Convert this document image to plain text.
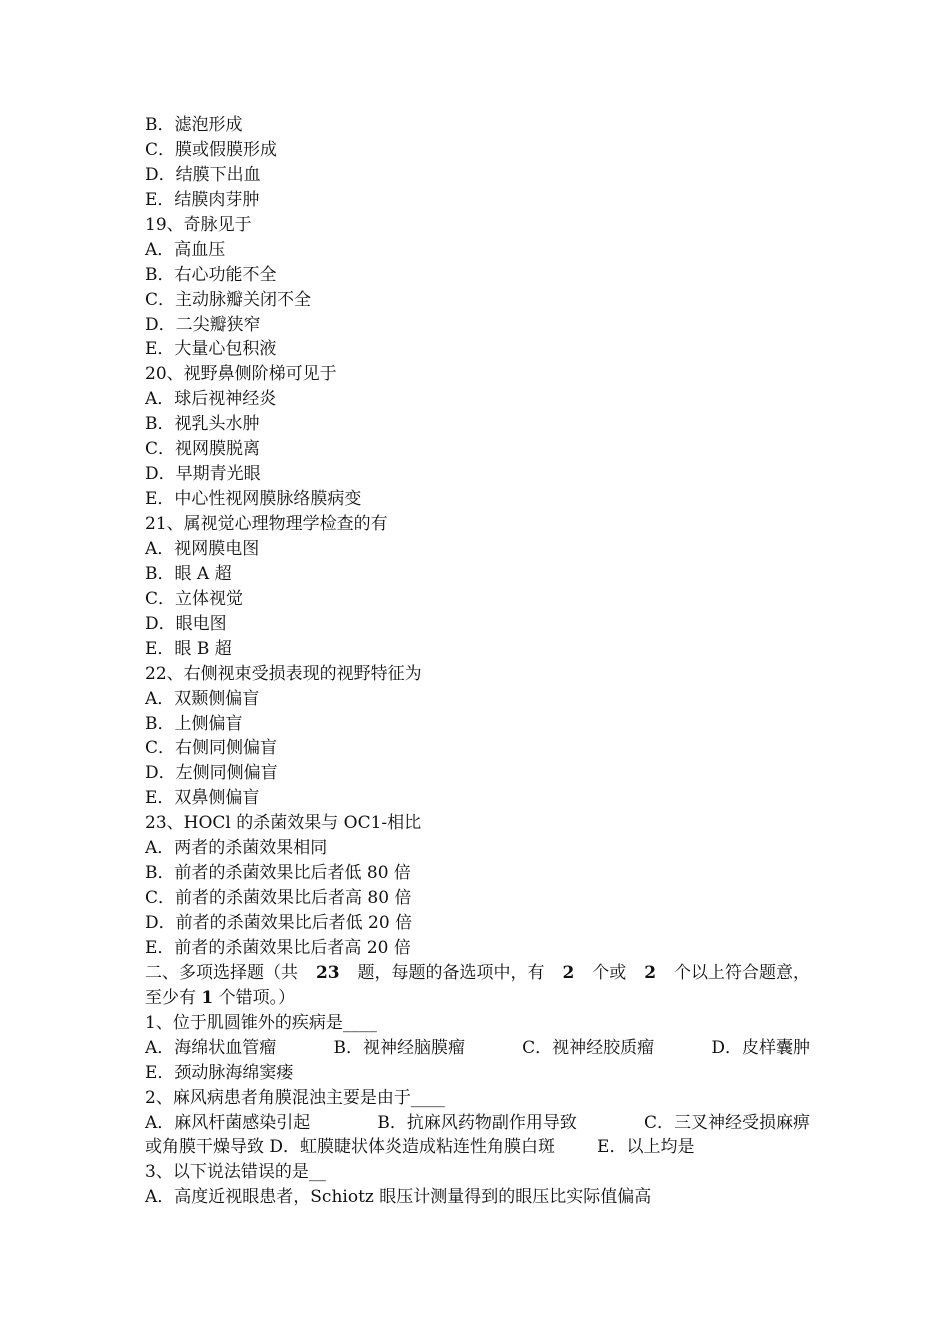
B．滤泡形成
C．膜或假膜形成
D．结膜下出血
E．结膜肉芽肿
19、奇脉见于
A．高血压
B．右心功能不全
C．主动脉瓣关闭不全
D．二尖瓣狭窄
E．大量心包积液
20、视野鼻侧阶梯可见于
A．球后视神经炎
B．视乳头水肿
C．视网膜脱离
D．早期青光眼
E．中心性视网膜脉络膜病变
21、属视觉心理物理学检查的有
A．视网膜电图
B．眼 A 超
C．立体视觉
D．眼电图
E．眼 B 超
22、右侧视束受损表现的视野特征为
A．双颞侧偏盲
B．上侧偏盲
C．右侧同侧偏盲
D．左侧同侧偏盲
E．双鼻侧偏盲
23、HOCl 的杀菌效果与 OC1-相比
A．两者的杀菌效果相同
B．前者的杀菌效果比后者低 80 倍
C．前者的杀菌效果比后者高 80 倍
D．前者的杀菌效果比后者低 20 倍
E．前者的杀菌效果比后者高 20 倍
二、多项选择题（共 23 题，每题的备选项中，有 2 个或 2 个以上符合题意，
至少有 1 个错项。）
1、位于肌圆锥外的疾病是____
A．海绵状血管瘤	B．视神经脑膜瘤	C．视神经胶质瘤	D．皮样囊肿
E．颈动脉海绵窦瘘
2、麻风病患者角膜混浊主要是由于____
A．麻风杆菌感染引起	B．抗麻风药物副作用导致	C．三叉神经受损麻痹
或角膜干燥导致 D．虹膜睫状体炎造成粘连性角膜白斑 E．以上均是
3、以下说法错误的是__
A．高度近视眼患者，Schiotz 眼压计测量得到的眼压比实际值偏高
